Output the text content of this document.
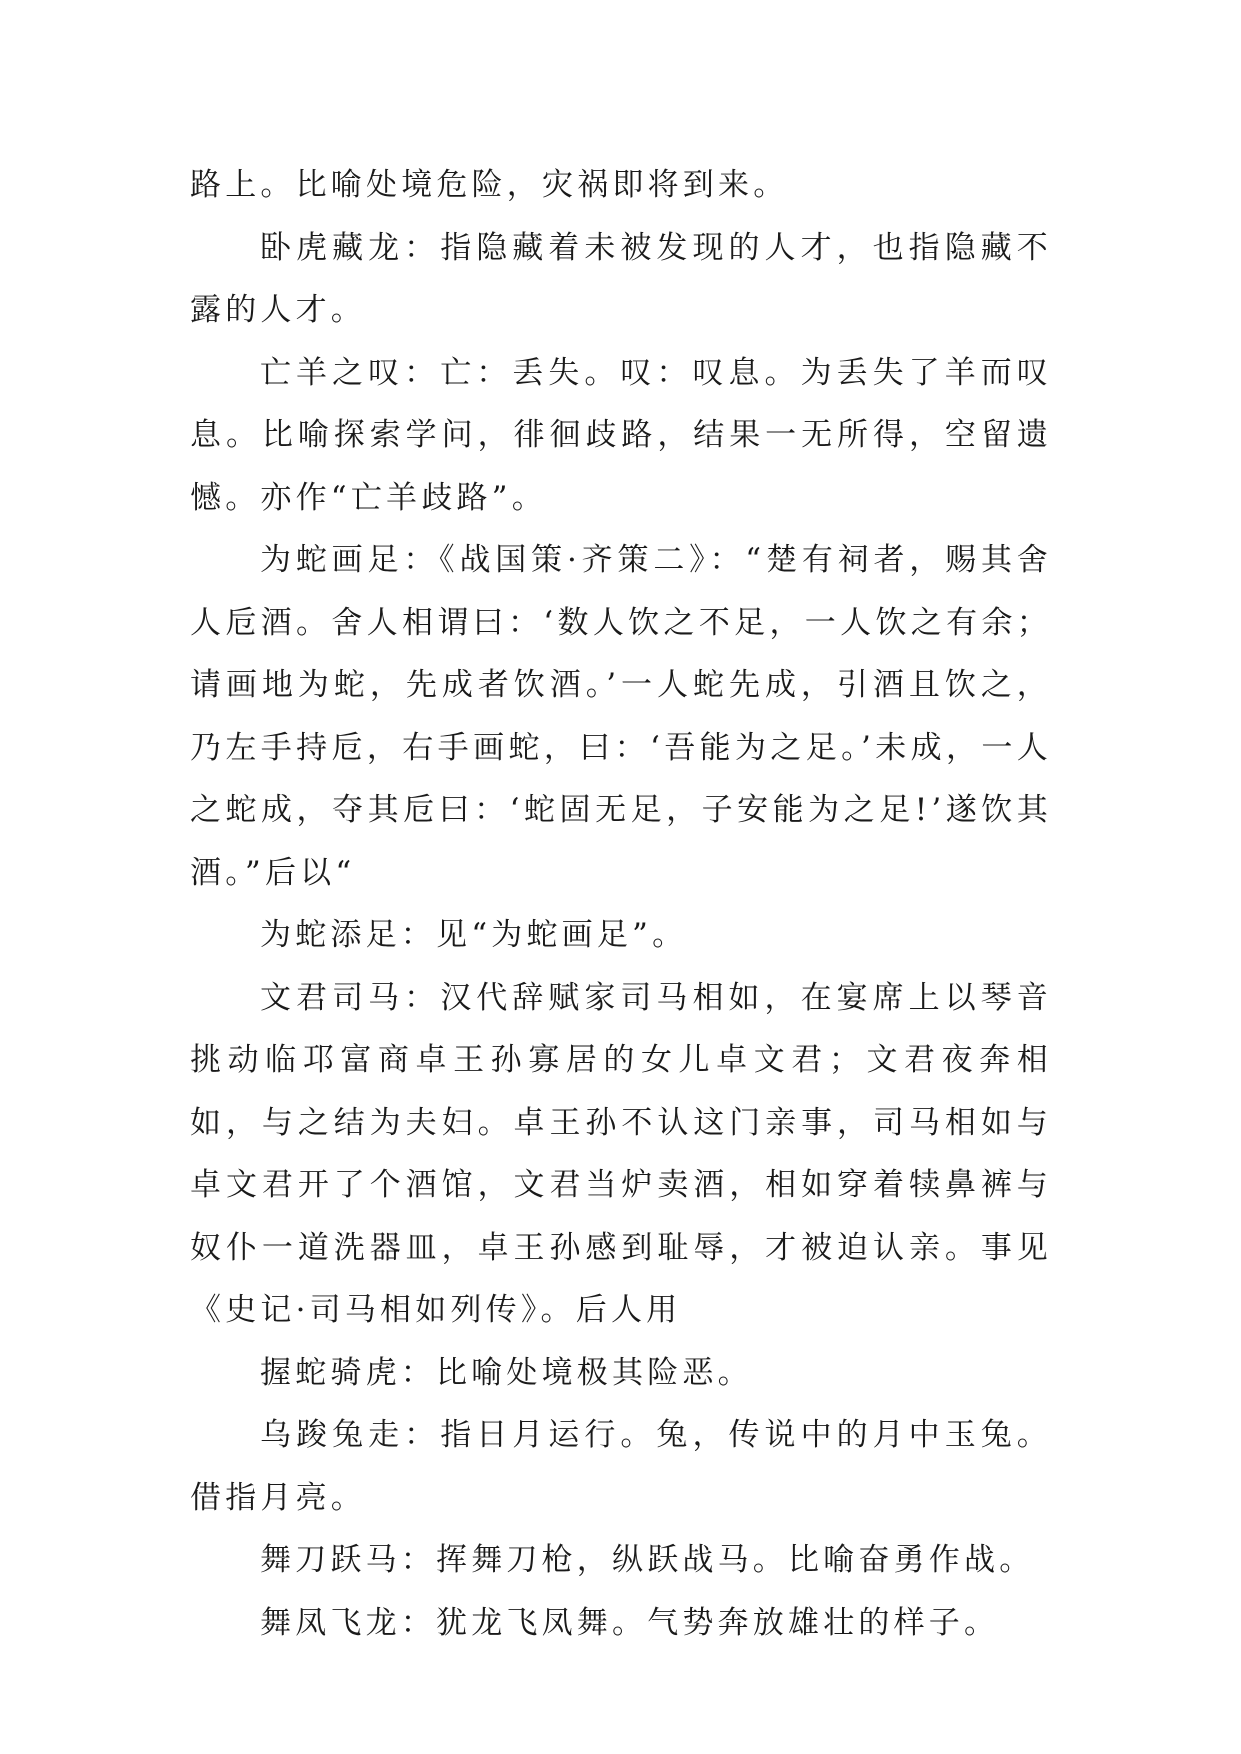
路上。比喻处境危险，灾祸即将到来。

卧虎藏龙：指隐藏着未被发现的人才，也指隐藏不露的人才。

亡羊之叹：亡：丢失。叹：叹息。为丢失了羊而叹息。比喻探索学问，徘徊歧路，结果一无所得，空留遗憾。亦作“亡羊歧路”。

为蛇画足：《战国策·齐策二》：“楚有祠者，赐其舍人卮酒。舍人相谓曰：‘数人饮之不足，一人饮之有余；请画地为蛇，先成者饮酒。’一人蛇先成，引酒且饮之，乃左手持卮，右手画蛇，曰：‘吾能为之足。’未成，一人之蛇成，夺其卮曰：‘蛇固无足，子安能为之足!’遂饮其酒。”后以“

为蛇添足：见“为蛇画足”。

文君司马：汉代辞赋家司马相如，在宴席上以琴音挑动临邛富商卓王孙寡居的女儿卓文君；文君夜奔相如，与之结为夫妇。卓王孙不认这门亲事，司马相如与卓文君开了个酒馆，文君当炉卖酒，相如穿着犊鼻裤与奴仆一道洗器皿，卓王孙感到耻辱，才被迫认亲。事见《史记·司马相如列传》。后人用

握蛇骑虎：比喻处境极其险恶。

乌踆兔走：指日月运行。兔，传说中的月中玉兔。借指月亮。

舞刀跃马：挥舞刀枪，纵跃战马。比喻奋勇作战。

舞凤飞龙：犹龙飞凤舞。气势奔放雄壮的样子。
